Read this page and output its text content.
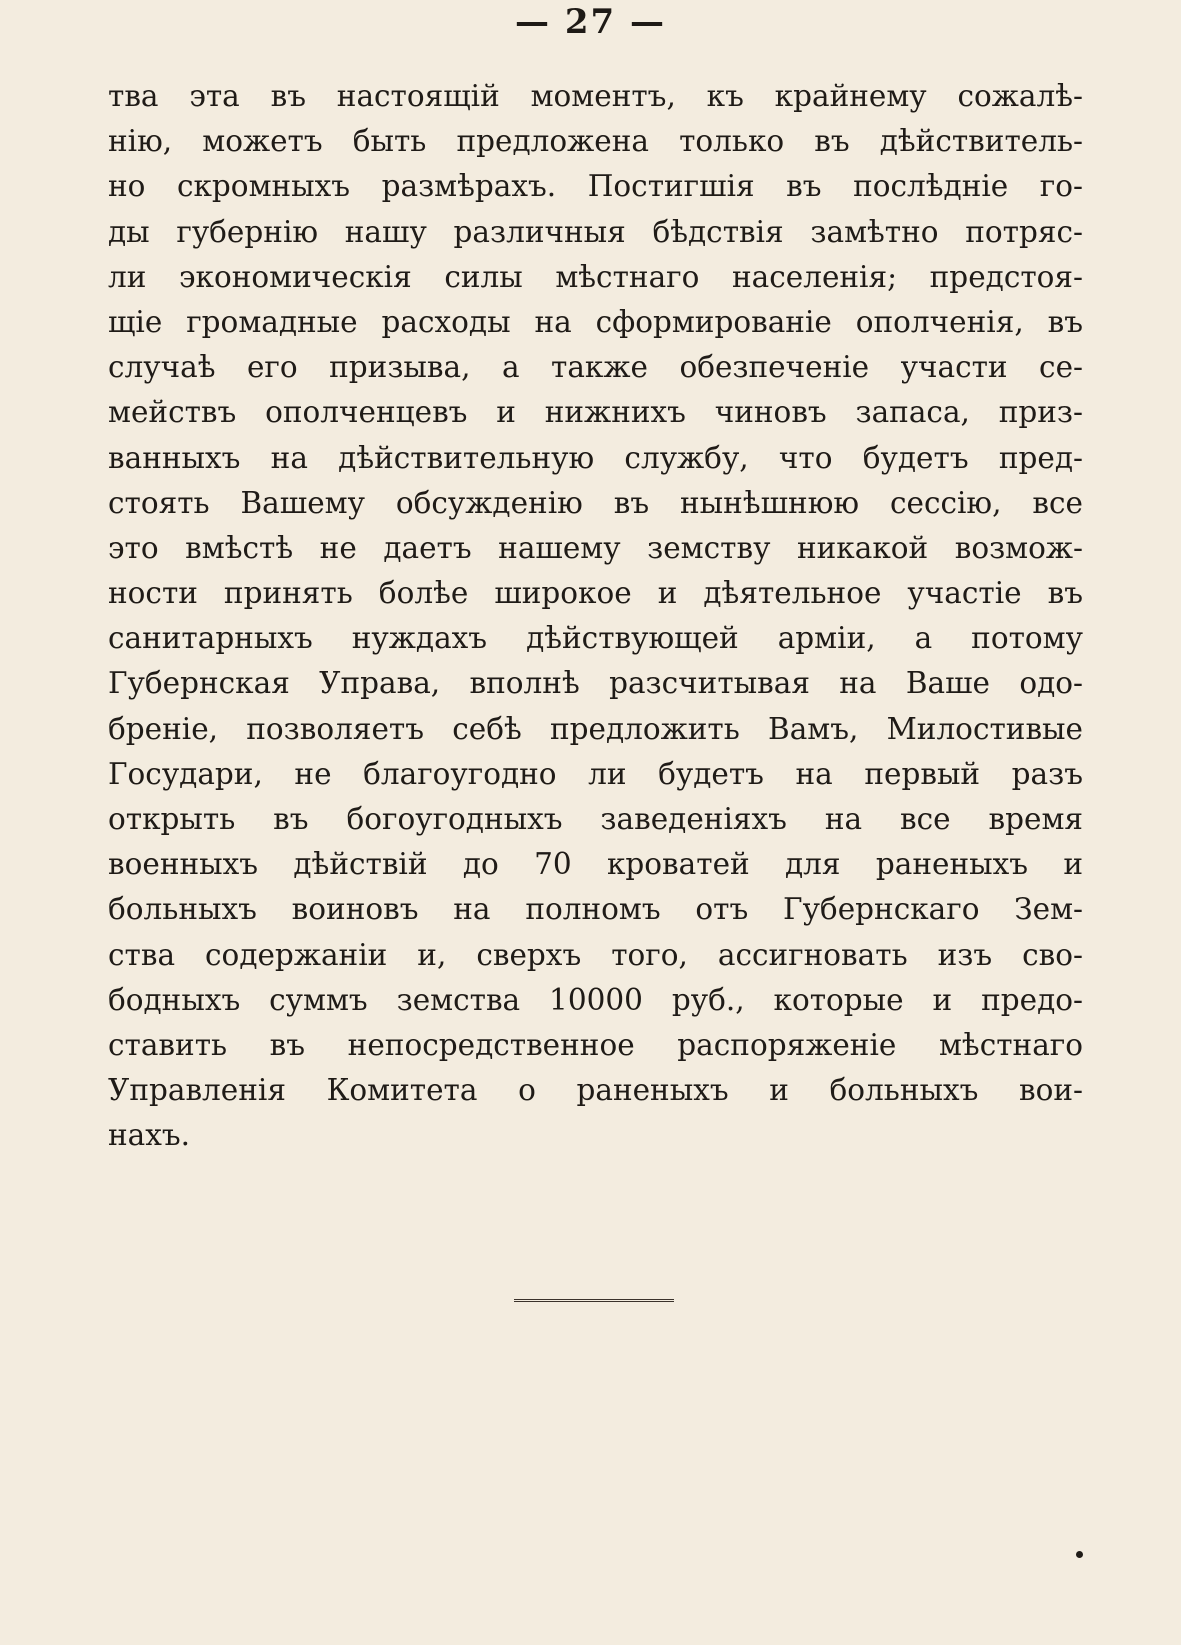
— 27 —
тва эта въ настоящій моментъ, къ крайнему сожалѣ-
нію, можетъ быть предложена только въ дѣйствитель-
но скромныхъ размѣрахъ. Постигшія въ послѣдніе го-
ды губернію нашу различныя бѣдствія замѣтно потряс-
ли экономическія силы мѣстнаго населенія; предстоя-
щіе громадные расходы на сформированіе ополченія, въ
случаѣ его призыва, а также обезпеченіе участи се-
мействъ ополченцевъ и нижнихъ чиновъ запаса, приз-
ванныхъ на дѣйствительную службу, что будетъ пред-
стоять Вашему обсужденію въ нынѣшнюю сессію, все
это вмѣстѣ не даетъ нашему земству никакой возмож-
ности принять болѣе широкое и дѣятельное участіе въ
санитарныхъ нуждахъ дѣйствующей арміи, а потому
Губернская Управа, вполнѣ разсчитывая на Ваше одо-
бреніе, позволяетъ себѣ предложить Вамъ, Милостивые
Государи, не благоугодно ли будетъ на первый разъ
открыть въ богоугодныхъ заведеніяхъ на все время
военныхъ дѣйствій до 70 кроватей для раненыхъ и
больныхъ воиновъ на полномъ отъ Губернскаго Зем-
ства содержаніи и, сверхъ того, ассигновать изъ сво-
бодныхъ суммъ земства 10000 руб., которые и предо-
ставить въ непосредственное распоряженіе мѣстнаго
Управленія Комитета о раненыхъ и больныхъ вои-
нахъ.
